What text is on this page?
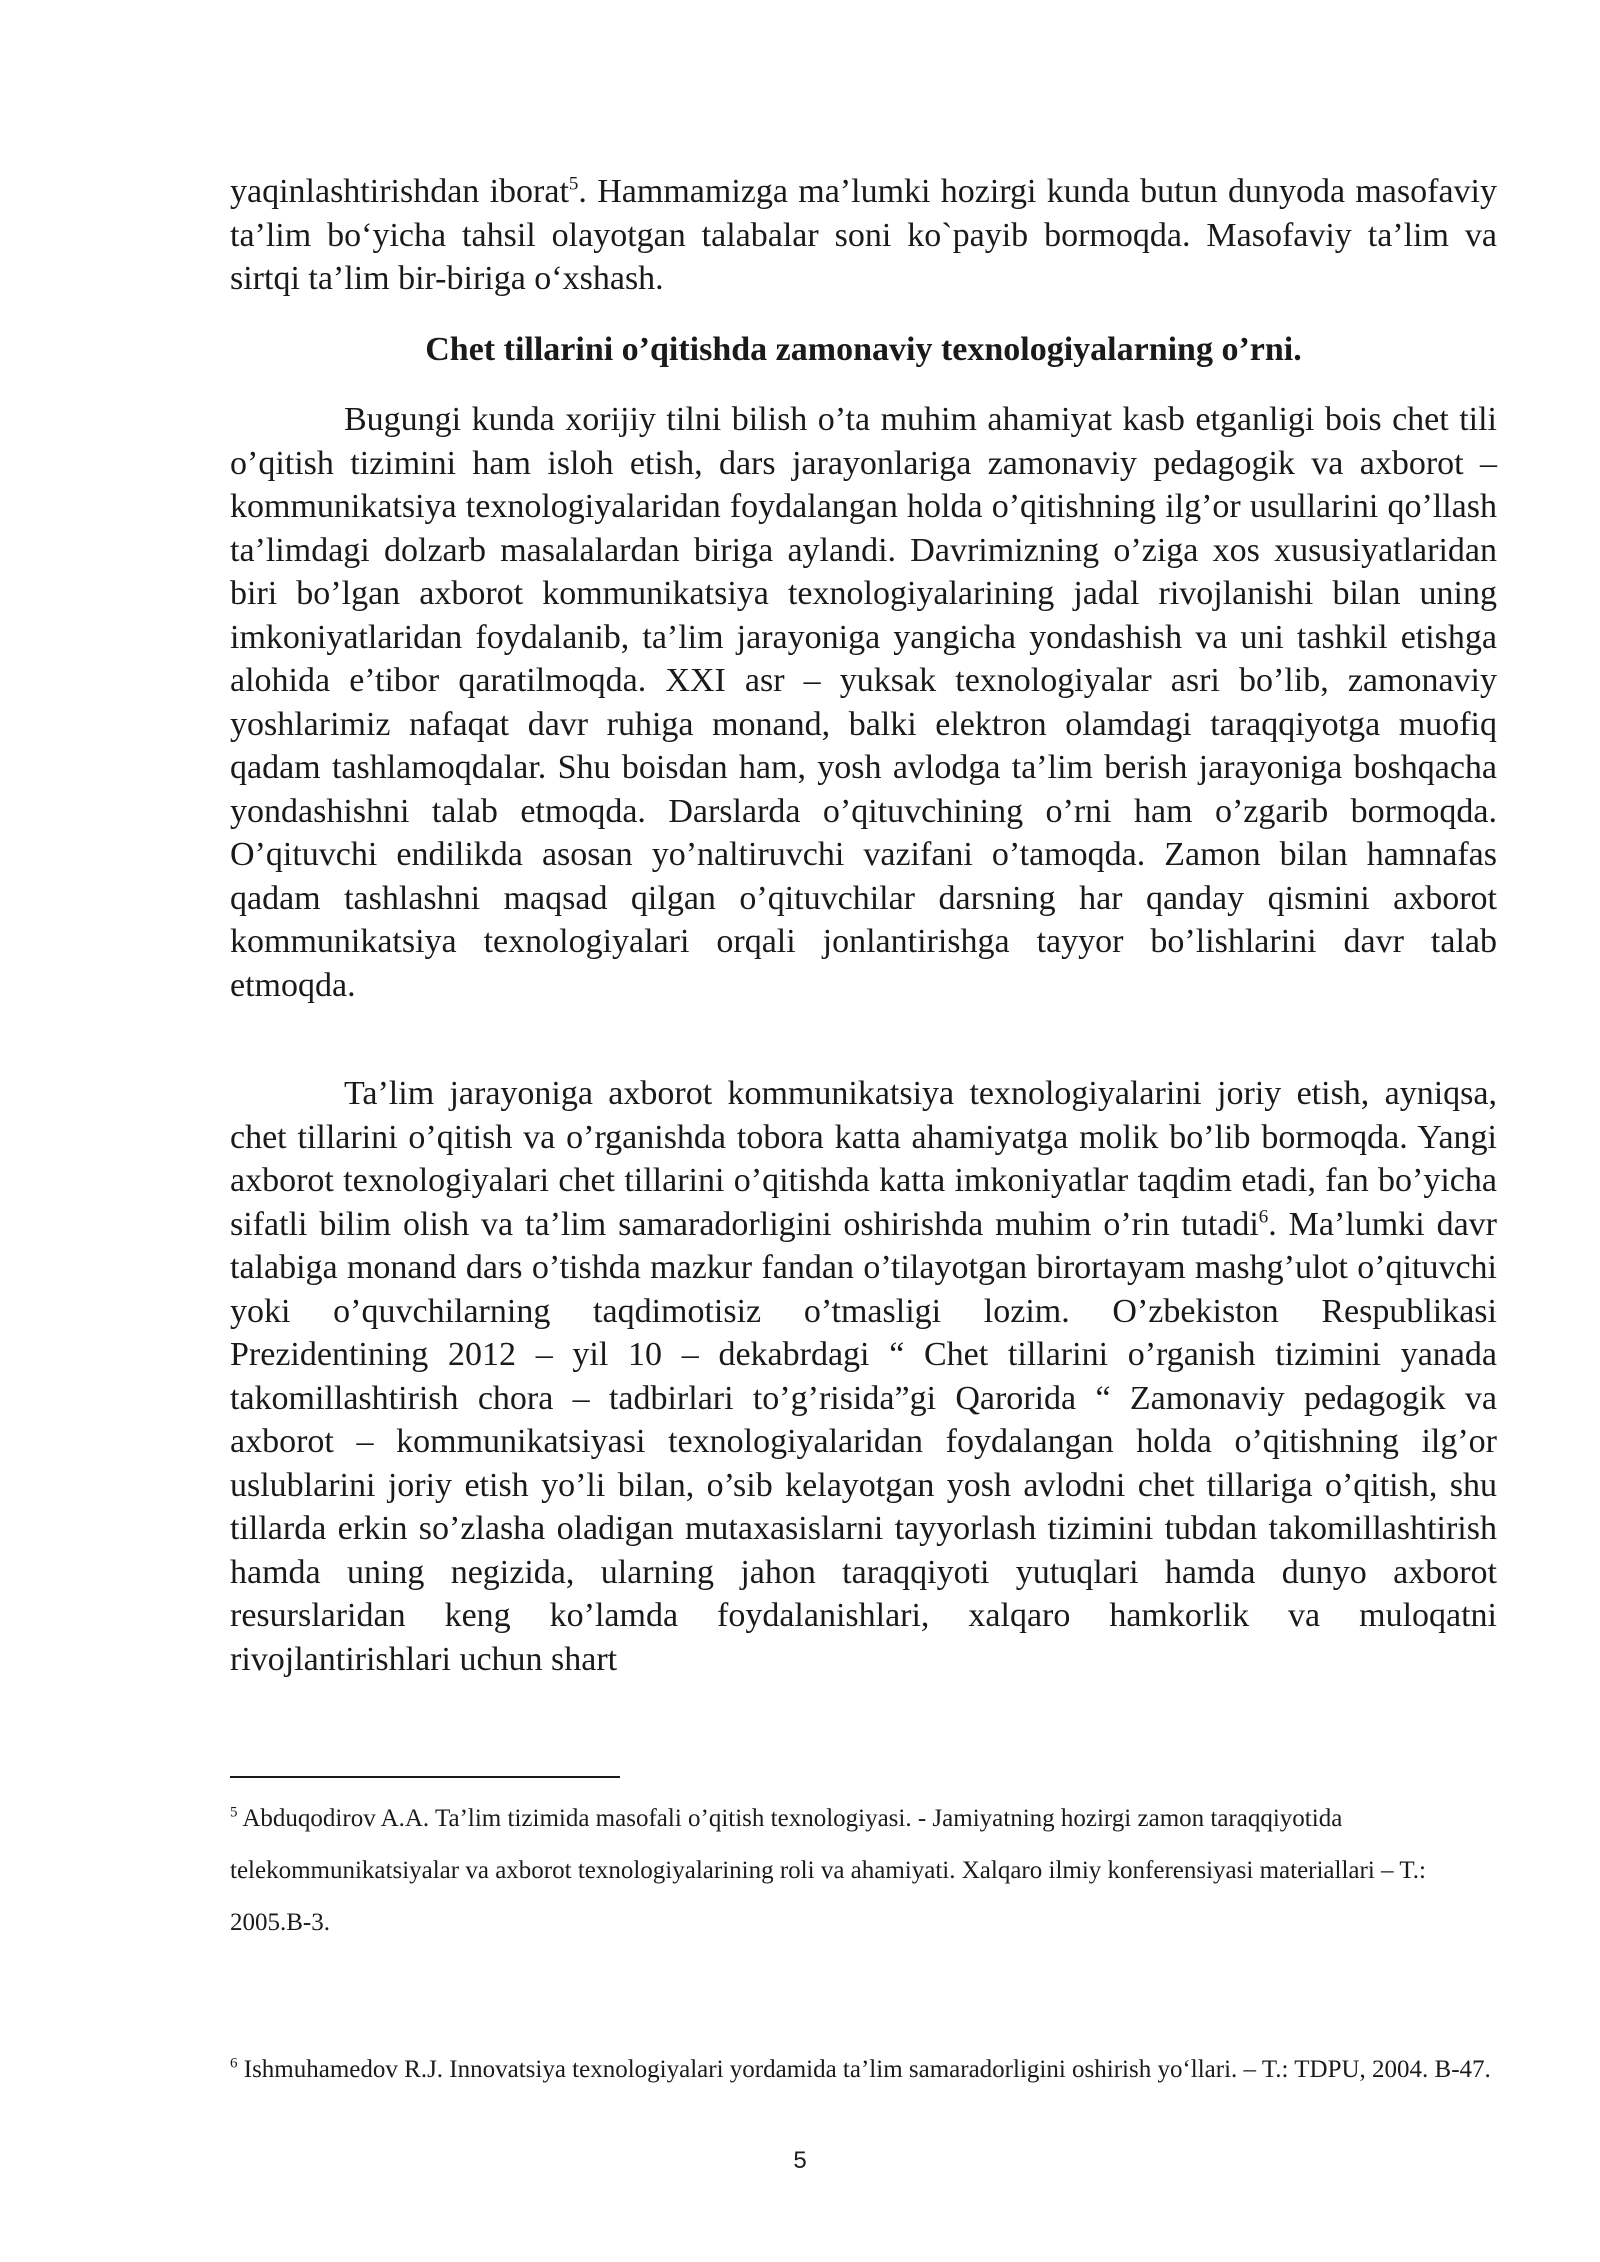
yaqinlashtirishdan iborat$^5$. Hammamizga ma’lumki hozirgi kunda butun dunyoda masofaviy ta’lim boʻyicha tahsil olayotgan talabalar soni ko`payib bormoqda. Masofaviy ta’lim va sirtqi ta’lim bir-biriga oʻxshash.

Chet tillarini o’qitishda zamonaviy texnologiyalarning o’rni.

Bugungi kunda xorijiy tilni bilish o’ta muhim ahamiyat kasb etganligi bois chet tili o’qitish tizimini ham isloh etish, dars jarayonlariga zamonaviy pedagogik va axborot – kommunikatsiya texnologiyalaridan foydalangan holda o’qitishning ilg’or usullarini qo’llash ta’limdagi dolzarb masalalardan biriga aylandi. Davrimizning o’ziga xos xususiyatlaridan biri bo’lgan axborot kommunikatsiya texnologiyalarining jadal rivojlanishi bilan uning imkoniyatlaridan foydalanib, ta’lim jarayoniga yangicha yondashish va uni tashkil etishga alohida e’tibor qaratilmoqda. XXI asr – yuksak texnologiyalar asri bo’lib, zamonaviy yoshlarimiz nafaqat davr ruhiga monand, balki elektron olamdagi taraqqiyotga muofiq qadam tashlamoqdalar. Shu boisdan ham, yosh avlodga ta’lim berish jarayoniga boshqacha yondashishni talab etmoqda. Darslarda o’qituvchining o’rni ham o’zgarib bormoqda. O’qituvchi endilikda asosan yo’naltiruvchi vazifani o’tamoqda. Zamon bilan hamnafas qadam tashlashni maqsad qilgan o’qituvchilar darsning har qanday qismini axborot kommunikatsiya texnologiyalari orqali jonlantirishga tayyor bo’lishlarini davr talab etmoqda.

Ta’lim jarayoniga axborot kommunikatsiya texnologiyalarini joriy etish, ayniqsa, chet tillarini o’qitish va o’rganishda tobora katta ahamiyatga molik bo’lib bormoqda. Yangi axborot texnologiyalari chet tillarini o’qitishda katta imkoniyatlar taqdim etadi, fan bo’yicha sifatli bilim olish va ta’lim samaradorligini oshirishda muhim o’rin tutadi$^6$. Ma’lumki davr talabiga monand dars o’tishda mazkur fandan o’tilayotgan birortayam mashg’ulot o’qituvchi yoki o’quvchilarning taqdimotisiz o’tmasligi lozim. O’zbekiston Respublikasi Prezidentining 2012 – yil 10 – dekabrdagi “ Chet tillarini o’rganish tizimini yanada takomillashtirish chora – tadbirlari to’g’risida”gi Qarorida “ Zamonaviy pedagogik va axborot – kommunikatsiyasi texnologiyalaridan foydalangan holda o’qitishning ilg’or uslublarini joriy etish yo’li bilan, o’sib kelayotgan yosh avlodni chet tillariga o’qitish, shu tillarda erkin so’zlasha oladigan mutaxasislarni tayyorlash tizimini tubdan takomillashtirish hamda uning negizida, ularning jahon taraqqiyoti yutuqlari hamda dunyo axborot resurslaridan keng ko’lamda foydalanishlari, xalqaro hamkorlik va muloqatni rivojlantirishlari uchun shart

$^5$ Abduqodirov A.A. Ta’lim tizimida masofali o’qitish texnologiyasi. - Jamiyatning hozirgi zamon taraqqiyotida telekommunikatsiyalar va axborot texnologiyalarining roli va ahamiyati. Xalqaro ilmiy konferensiyasi materiallari – T.: 2005.B-3.
$^6$ Ishmuhamedov R.J. Innovatsiya texnologiyalari yordamida ta’lim samaradorligini oshirish yoʻllari. – T.: TDPU, 2004. B-47.
5
